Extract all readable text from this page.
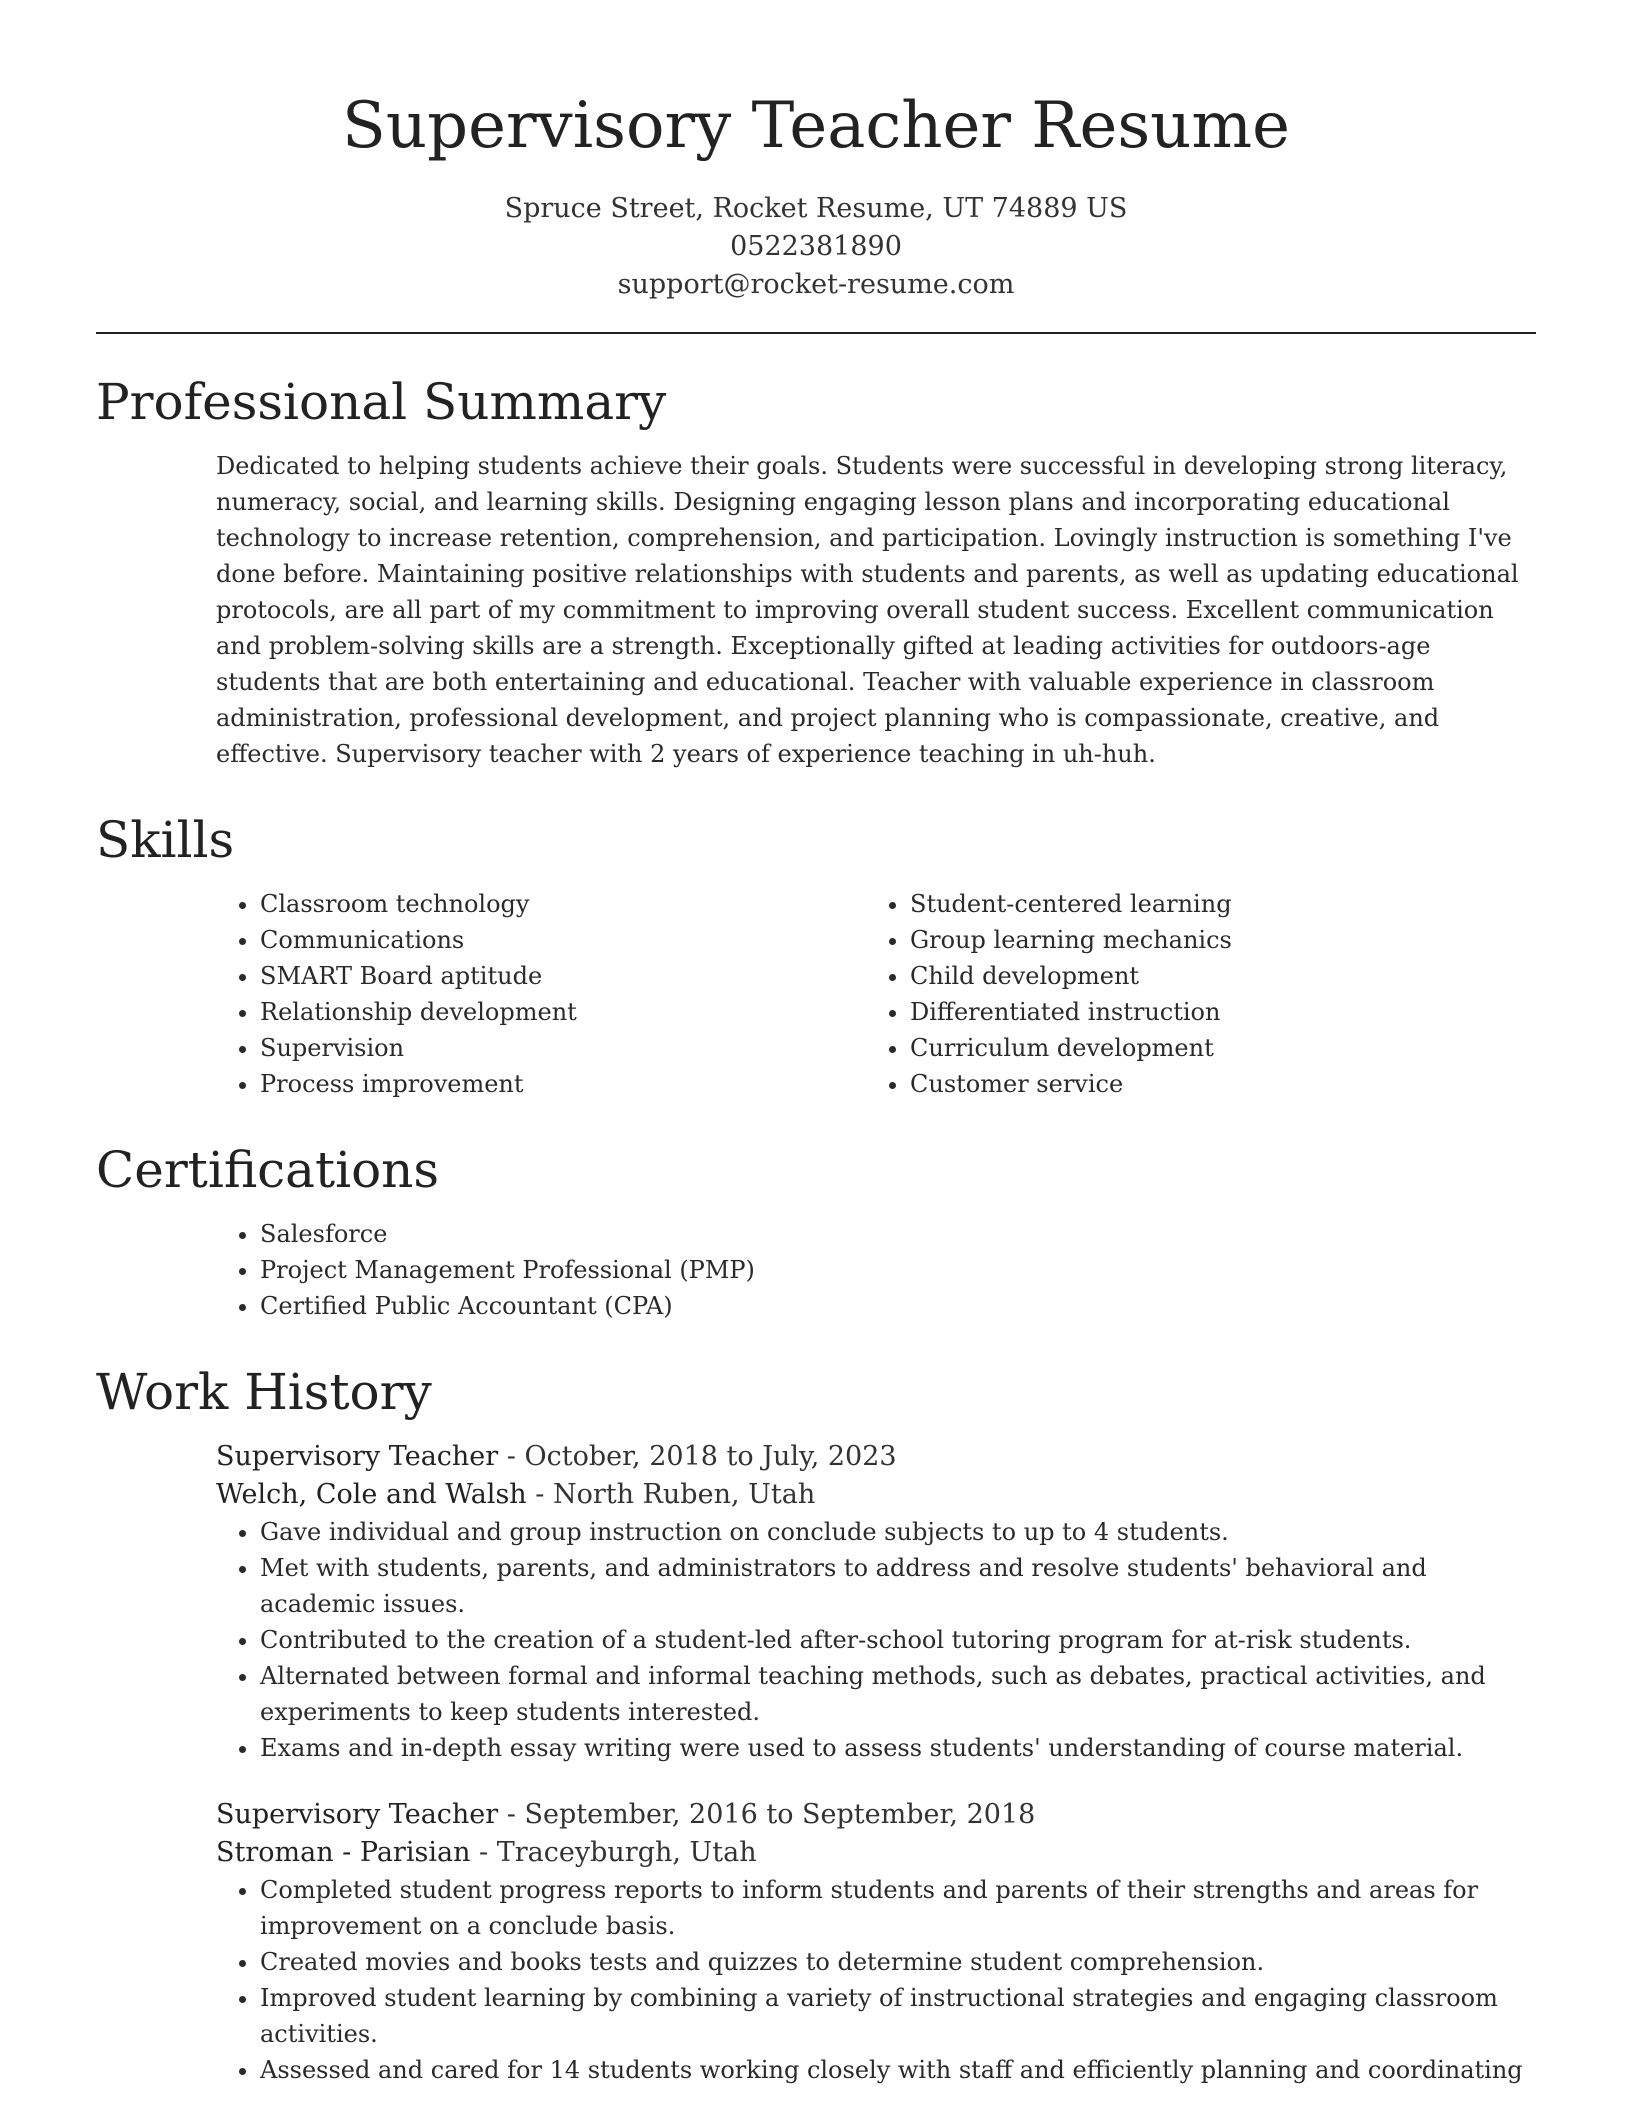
Supervisory Teacher Resume
Spruce Street, Rocket Resume, UT 74889 US
0522381890
support@rocket-resume.com
Professional Summary

Dedicated to helping students achieve their goals. Students were successful in developing strong literacy, numeracy, social, and learning skills. Designing engaging lesson plans and incorporating educational technology to increase retention, comprehension, and participation. Lovingly instruction is something I've done before. Maintaining positive relationships with students and parents, as well as updating educational protocols, are all part of my commitment to improving overall student success. Excellent communication and problem-solving skills are a strength. Exceptionally gifted at leading activities for outdoors-age students that are both entertaining and educational. Teacher with valuable experience in classroom administration, professional development, and project planning who is compassionate, creative, and effective. Supervisory teacher with 2 years of experience teaching in uh-huh.

Skills
• Classroom technology
• Communications
• SMART Board aptitude
• Relationship development
• Supervision
• Process improvement
• Student-centered learning
• Group learning mechanics
• Child development
• Differentiated instruction
• Curriculum development
• Customer service
Certifications
• Salesforce
• Project Management Professional (PMP)
• Certified Public Accountant (CPA)
Work History
Supervisory Teacher - October, 2018 to July, 2023
Welch, Cole and Walsh - North Ruben, Utah
• Gave individual and group instruction on conclude subjects to up to 4 students.
• Met with students, parents, and administrators to address and resolve students' behavioral and academic issues.
• Contributed to the creation of a student-led after-school tutoring program for at-risk students.
• Alternated between formal and informal teaching methods, such as debates, practical activities, and experiments to keep students interested.
• Exams and in-depth essay writing were used to assess students' understanding of course material.
Supervisory Teacher - September, 2016 to September, 2018
Stroman - Parisian - Traceyburgh, Utah
• Completed student progress reports to inform students and parents of their strengths and areas for improvement on a conclude basis.
• Created movies and books tests and quizzes to determine student comprehension.
• Improved student learning by combining a variety of instructional strategies and engaging classroom activities.
• Assessed and cared for 14 students working closely with staff and efficiently planning and coordinating
